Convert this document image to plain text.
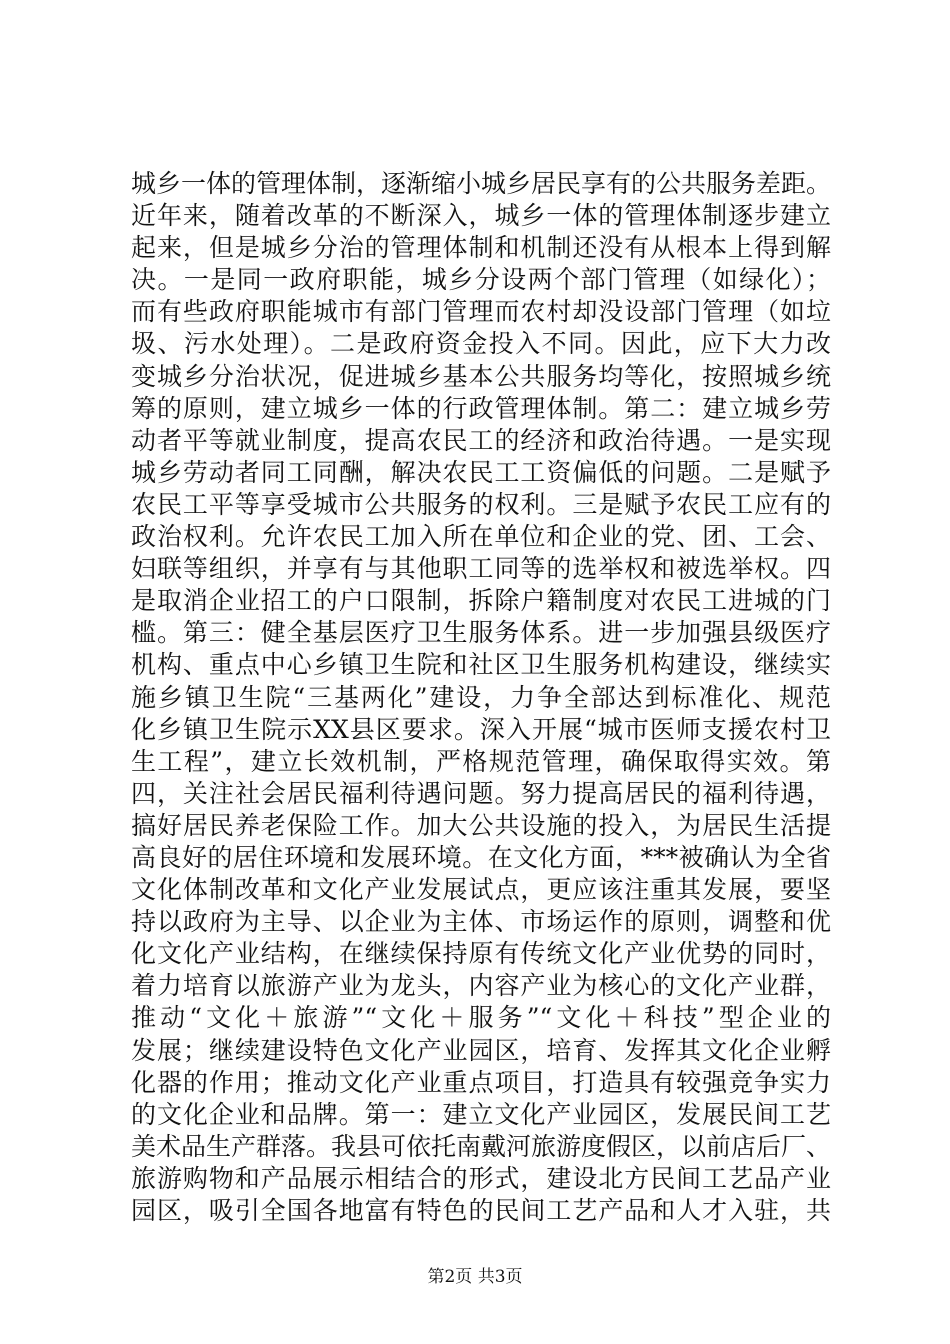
城乡一体的管理体制，逐渐缩小城乡居民享有的公共服务差距。
近年来，随着改革的不断深入，城乡一体的管理体制逐步建立
起来，但是城乡分治的管理体制和机制还没有从根本上得到解
决。一是同一政府职能，城乡分设两个部门管理（如绿化）；
而有些政府职能城市有部门管理而农村却没设部门管理（如垃
圾、污水处理）。二是政府资金投入不同。因此，应下大力改
变城乡分治状况，促进城乡基本公共服务均等化，按照城乡统
筹的原则，建立城乡一体的行政管理体制。第二：建立城乡劳
动者平等就业制度，提高农民工的经济和政治待遇。一是实现
城乡劳动者同工同酬，解决农民工工资偏低的问题。二是赋予
农民工平等享受城市公共服务的权利。三是赋予农民工应有的
政治权利。允许农民工加入所在单位和企业的党、团、工会、
妇联等组织，并享有与其他职工同等的选举权和被选举权。四
是取消企业招工的户口限制，拆除户籍制度对农民工进城的门
槛。第三：健全基层医疗卫生服务体系。进一步加强县级医疗
机构、重点中心乡镇卫生院和社区卫生服务机构建设，继续实
施乡镇卫生院“三基两化”建设，力争全部达到标准化、规范
化乡镇卫生院示XX县区要求。深入开展“城市医师支援农村卫
生工程”，建立长效机制，严格规范管理，确保取得实效。第
四，关注社会居民福利待遇问题。努力提高居民的福利待遇，
搞好居民养老保险工作。加大公共设施的投入，为居民生活提
高良好的居住环境和发展环境。在文化方面，***被确认为全省
文化体制改革和文化产业发展试点，更应该注重其发展，要坚
持以政府为主导、以企业为主体、市场运作的原则，调整和优
化文化产业结构，在继续保持原有传统文化产业优势的同时，
着力培育以旅游产业为龙头，内容产业为核心的文化产业群，
推动“文化＋旅游”“文化＋服务”“文化＋科技”型企业的
发展；继续建设特色文化产业园区，培育、发挥其文化企业孵
化器的作用；推动文化产业重点项目，打造具有较强竞争实力
的文化企业和品牌。第一：建立文化产业园区，发展民间工艺
美术品生产群落。我县可依托南戴河旅游度假区，以前店后厂、
旅游购物和产品展示相结合的形式，建设北方民间工艺品产业
园区，吸引全国各地富有特色的民间工艺产品和人才入驻，共
第2页 共3页
